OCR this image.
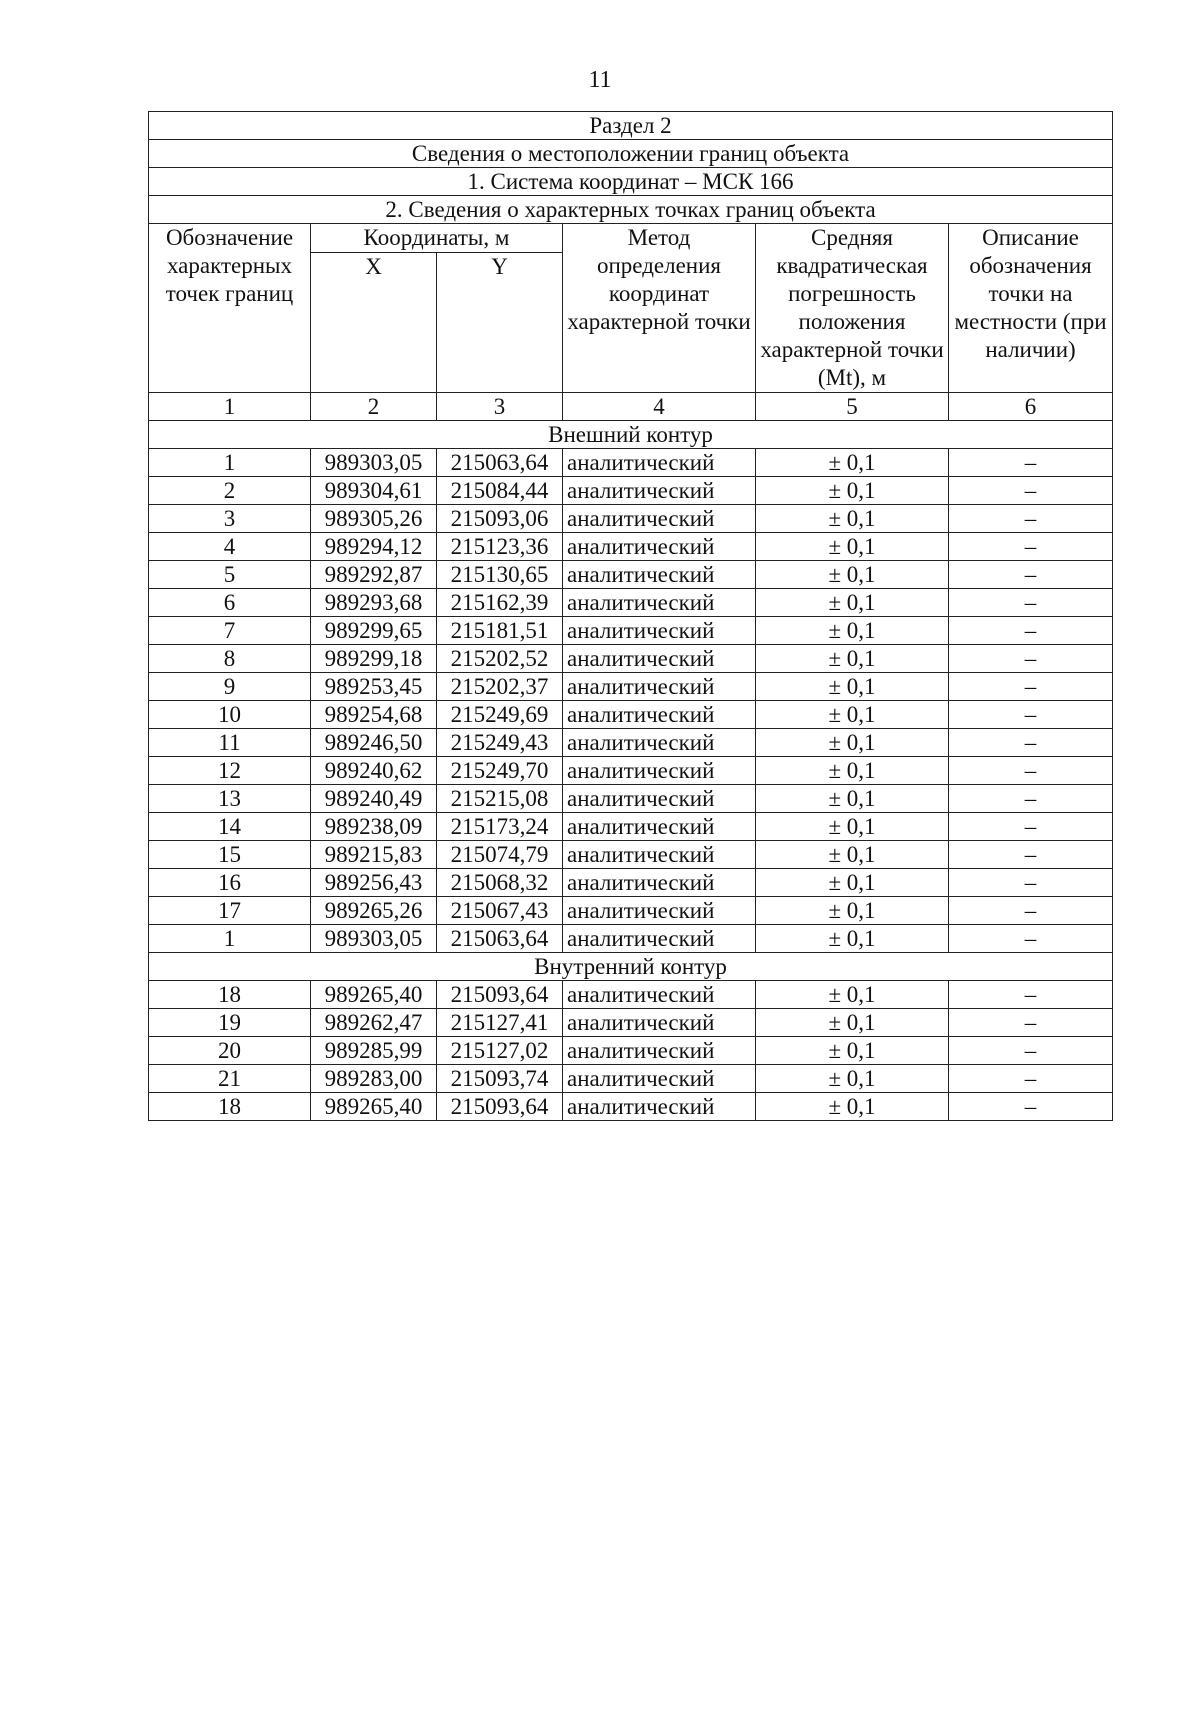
11
Раздел 2					
Сведения о местоположении границ объекта					
1. Система координат – МСК 166					
2. Сведения о характерных точках границ объекта					
Обозначение характерных точек границ	Координаты, м		Метод определения координат характерной точки	Средняя квадратическая погрешность положения характерной точки (Mt), м	Описание обозначения точки на местности (при наличии)
	X	Y			
1	2	3	4	5	6
Внешний контур					
1	989303,05	215063,64	аналитический	± 0,1	–
2	989304,61	215084,44	аналитический	± 0,1	–
3	989305,26	215093,06	аналитический	± 0,1	–
4	989294,12	215123,36	аналитический	± 0,1	–
5	989292,87	215130,65	аналитический	± 0,1	–
6	989293,68	215162,39	аналитический	± 0,1	–
7	989299,65	215181,51	аналитический	± 0,1	–
8	989299,18	215202,52	аналитический	± 0,1	–
9	989253,45	215202,37	аналитический	± 0,1	–
10	989254,68	215249,69	аналитический	± 0,1	–
11	989246,50	215249,43	аналитический	± 0,1	–
12	989240,62	215249,70	аналитический	± 0,1	–
13	989240,49	215215,08	аналитический	± 0,1	–
14	989238,09	215173,24	аналитический	± 0,1	–
15	989215,83	215074,79	аналитический	± 0,1	–
16	989256,43	215068,32	аналитический	± 0,1	–
17	989265,26	215067,43	аналитический	± 0,1	–
1	989303,05	215063,64	аналитический	± 0,1	–
Внутренний контур					
18	989265,40	215093,64	аналитический	± 0,1	–
19	989262,47	215127,41	аналитический	± 0,1	–
20	989285,99	215127,02	аналитический	± 0,1	–
21	989283,00	215093,74	аналитический	± 0,1	–
18	989265,40	215093,64	аналитический	± 0,1	–
